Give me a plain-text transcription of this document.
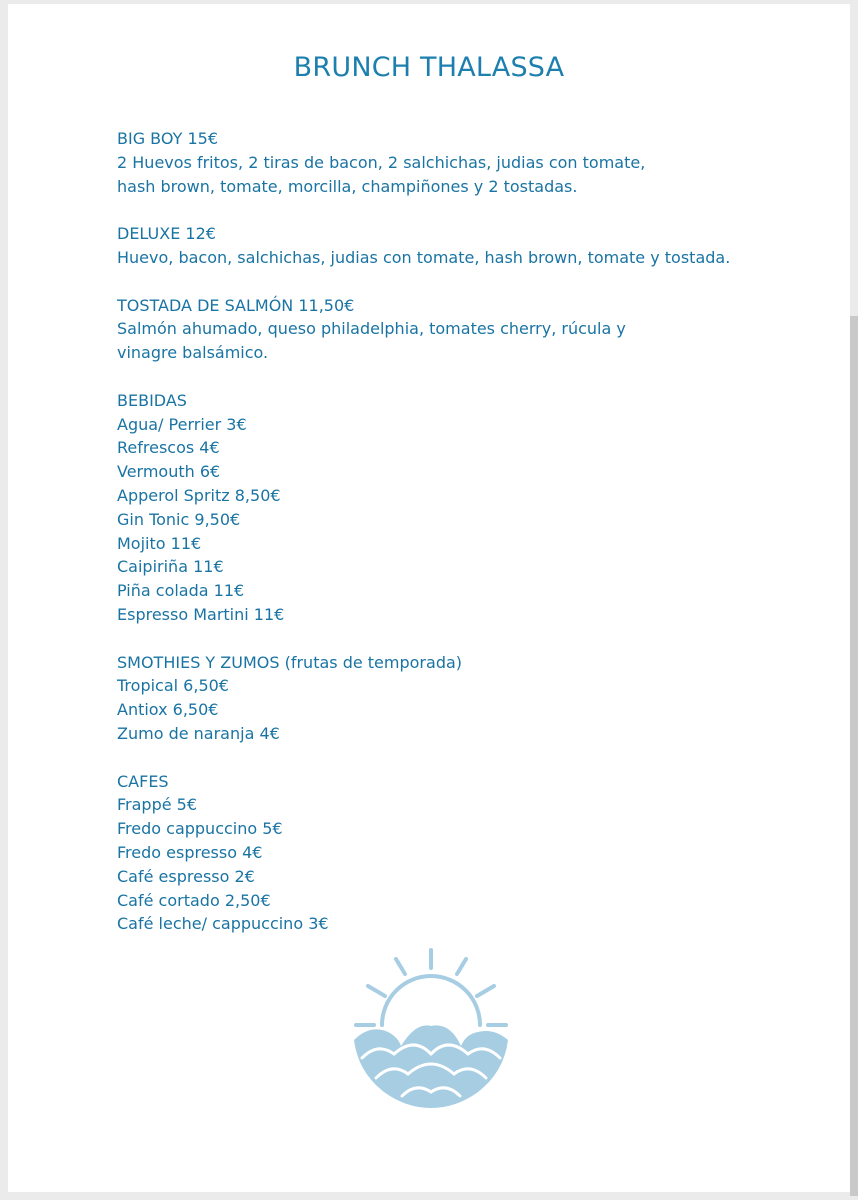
BRUNCH THALASSA
BIG BOY 15€
2 Huevos fritos, 2 tiras de bacon, 2 salchichas, judias con tomate,
hash brown, tomate, morcilla, champiñones y 2 tostadas.
DELUXE 12€
Huevo, bacon, salchichas, judias con tomate, hash brown, tomate y tostada.
TOSTADA DE SALMÓN 11,50€
Salmón ahumado, queso philadelphia, tomates cherry, rúcula y
vinagre balsámico.
BEBIDAS
Agua/ Perrier 3€
Refrescos 4€
Vermouth 6€
Apperol Spritz 8,50€
Gin Tonic 9,50€
Mojito 11€
Caipiriña 11€
Piña colada 11€
Espresso Martini 11€
SMOTHIES Y ZUMOS (frutas de temporada)
Tropical 6,50€
Antiox 6,50€
Zumo de naranja 4€
CAFES
Frappé 5€
Fredo cappuccino 5€
Fredo espresso 4€
Café espresso 2€
Café cortado 2,50€
Café leche/ cappuccino 3€
